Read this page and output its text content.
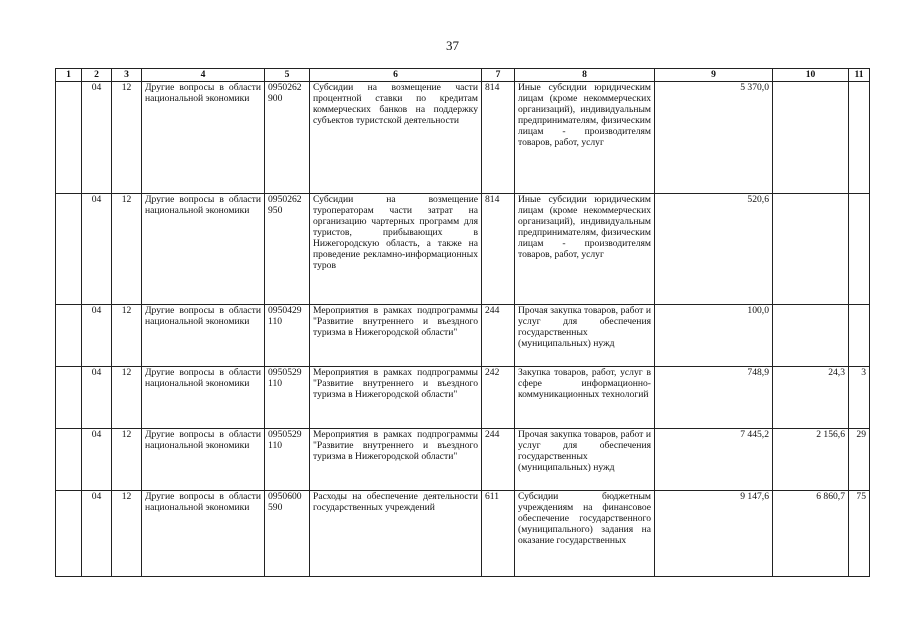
37
1	2	3	4	5	6	7	8	9	10	11
	04	12	Другие вопросы в области национальной экономики	0950262900	Субсидии на возмещение части процентной ставки по кредитам коммерческих банков на поддержку субъектов туристской деятельности	814	Иные субсидии юридическим лицам (кроме некоммерческих организаций), индивидуальным предпринимателям, физическим лицам - производителям товаров, работ, услуг	5 370,0		
	04	12	Другие вопросы в области национальной экономики	0950262950	Субсидии на возмещение туроператорам части затрат на организацию чартерных программ для туристов, прибывающих в Нижегородскую область, а также на проведение рекламно-информационных туров	814	Иные субсидии юридическим лицам (кроме некоммерческих организаций), индивидуальным предпринимателям, физическим лицам - производителям товаров, работ, услуг	520,6		
	04	12	Другие вопросы в области национальной экономики	0950429110	Мероприятия в рамках подпрограммы "Развитие внутреннего и въездного туризма в Нижегородской области"	244	Прочая закупка товаров, работ и услуг для обеспечения государственных (муниципальных) нужд	100,0		
	04	12	Другие вопросы в области национальной экономики	0950529110	Мероприятия в рамках подпрограммы "Развитие внутреннего и въездного туризма в Нижегородской области"	242	Закупка товаров, работ, услуг в сфере информационно-коммуникационных технологий	748,9	24,3	3
	04	12	Другие вопросы в области национальной экономики	0950529110	Мероприятия в рамках подпрограммы "Развитие внутреннего и въездного туризма в Нижегородской области"	244	Прочая закупка товаров, работ и услуг для обеспечения государственных (муниципальных) нужд	7 445,2	2 156,6	29
	04	12	Другие вопросы в области национальной экономики	0950600590	Расходы на обеспечение деятельности государственных учреждений	611	Субсидии бюджетным учреждениям на финансовое обеспечение государственного (муниципального) задания на оказание государственных	9 147,6	6 860,7	75
